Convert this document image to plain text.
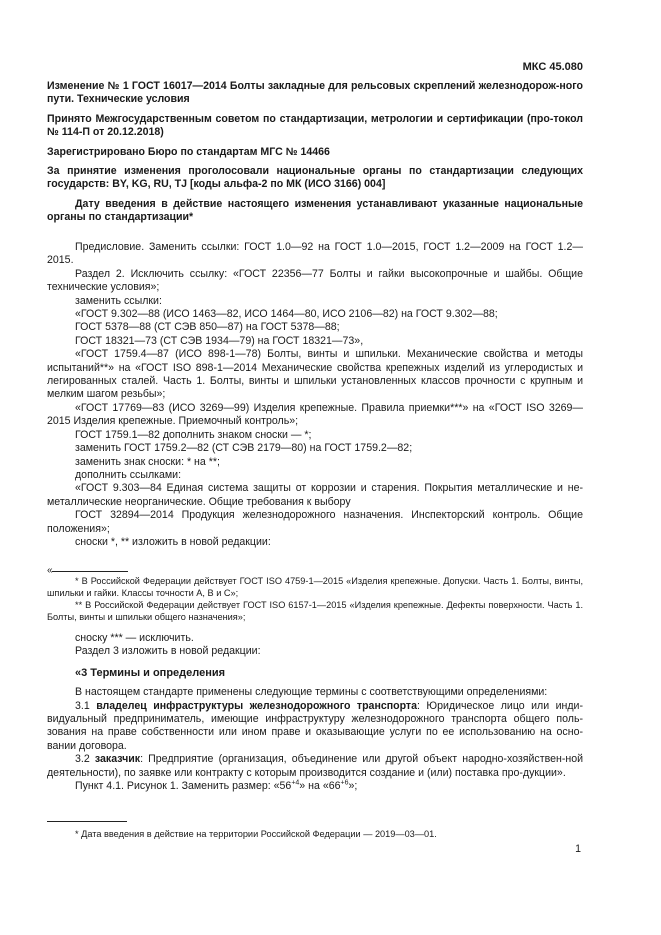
МКС 45.080

Изменение № 1 ГОСТ 16017—2014 Болты закладные для рельсовых скреплений железнодорож-ного пути. Технические условия

Принято Межгосударственным советом по стандартизации, метрологии и сертификации (про-токол № 114-П от 20.12.2018)

Зарегистрировано Бюро по стандартам МГС № 14466

За принятие изменения проголосовали национальные органы по стандартизации следующих государств: BY, KG, RU, TJ [коды альфа-2 по МК (ИСО 3166) 004]

Дату введения в действие настоящего изменения устанавливают указанные национальные органы по стандартизации*

Предисловие. Заменить ссылки: ГОСТ 1.0—92 на ГОСТ 1.0—2015, ГОСТ 1.2—2009 на ГОСТ 1.2—2015.

Раздел 2. Исключить ссылку: «ГОСТ 22356—77 Болты и гайки высокопрочные и шайбы. Общие технические условия»;

заменить ссылки:

«ГОСТ 9.302—88 (ИСО 1463—82, ИСО 1464—80, ИСО 2106—82) на ГОСТ 9.302—88;

ГОСТ 5378—88 (СТ СЭВ 850—87) на ГОСТ 5378—88;

ГОСТ 18321—73 (СТ СЭВ 1934—79) на ГОСТ 18321—73»,

«ГОСТ 1759.4—87 (ИСО 898-1—78) Болты, винты и шпильки. Механические свойства и методы испытаний**» на «ГОСТ ISO 898-1—2014 Механические свойства крепежных изделий из углеродистых и легированных сталей. Часть 1. Болты, винты и шпильки установленных классов прочности с крупным и мелким шагом резьбы»;

«ГОСТ 17769—83 (ИСО 3269—99) Изделия крепежные. Правила приемки***» на «ГОСТ ISO 3269—2015 Изделия крепежные. Приемочный контроль»;

ГОСТ 1759.1—82 дополнить знаком сноски — *;

заменить ГОСТ 1759.2—82 (СТ СЭВ 2179—80) на ГОСТ 1759.2—82;

заменить знак сноски: * на **;

дополнить ссылками:

«ГОСТ 9.303—84 Единая система защиты от коррозии и старения. Покрытия металлические и не-металлические неорганические. Общие требования к выбору

ГОСТ 32894—2014 Продукция железнодорожного назначения. Инспекторский контроль. Общие положения»;

сноски *, ** изложить в новой редакции:

«

* В Российской Федерации действует ГОСТ ISO 4759-1—2015 «Изделия крепежные. Допуски. Часть 1. Болты, винты, шпильки и гайки. Классы точности А, В и С»;

** В Российской Федерации действует ГОСТ ISO 6157-1—2015 «Изделия крепежные. Дефекты поверхности. Часть 1. Болты, винты и шпильки общего назначения»;

сноску *** — исключить.

Раздел 3 изложить в новой редакции:

«3 Термины и определения

В настоящем стандарте применены следующие термины с соответствующими определениями:

3.1 владелец инфраструктуры железнодорожного транспорта: Юридическое лицо или инди-видуальный предприниматель, имеющие инфраструктуру железнодорожного транспорта общего поль-зования на праве собственности или ином праве и оказывающие услуги по ее использованию на осно-вании договора.

3.2 заказчик: Предприятие (организация, объединение или другой объект народно-хозяйствен-ной деятельности), по заявке или контракту с которым производится создание и (или) поставка про-дукции».

Пункт 4.1. Рисунок 1. Заменить размер: «$56^{+4}$» на «$66^{+6}$»;

* Дата введения в действие на территории Российской Федерации — 2019—03—01.

1
